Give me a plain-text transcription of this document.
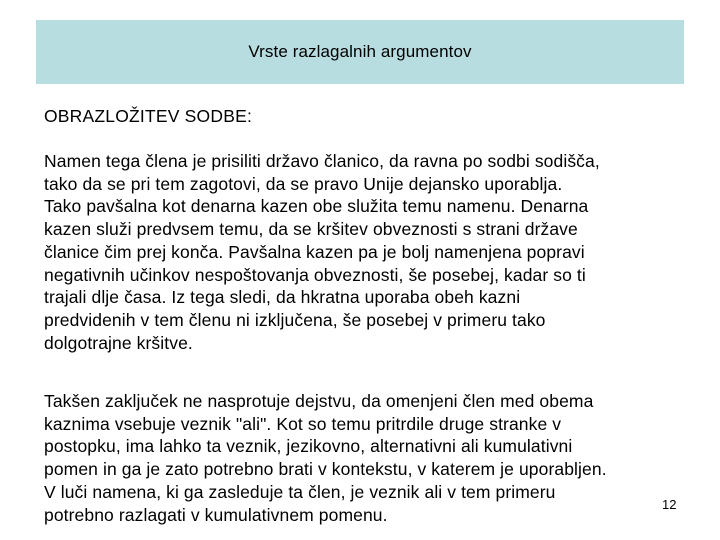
Vrste razlagalnih argumentov
OBRAZLOŽITEV SODBE:
Namen tega člena je prisiliti državo članico, da ravna po sodbi sodišča,
tako da se pri tem zagotovi, da se pravo Unije dejansko uporablja.
Tako pavšalna kot denarna kazen obe služita temu namenu. Denarna
kazen služi predvsem temu, da se kršitev obveznosti s strani države
članice čim prej konča. Pavšalna kazen pa je bolj namenjena popravi
negativnih učinkov nespoštovanja obveznosti, še posebej, kadar so ti
trajali dlje časa. Iz tega sledi, da hkratna uporaba obeh kazni
predvidenih v tem členu ni izključena, še posebej v primeru tako
dolgotrajne kršitve.
Takšen zaključek ne nasprotuje dejstvu, da omenjeni člen med obema
kaznima vsebuje veznik "ali". Kot so temu pritrdile druge stranke v
postopku, ima lahko ta veznik, jezikovno, alternativni ali kumulativni
pomen in ga je zato potrebno brati v kontekstu, v katerem je uporabljen.
V luči namena, ki ga zasleduje ta člen, je veznik ali v tem primeru
potrebno razlagati v kumulativnem pomenu.
12
